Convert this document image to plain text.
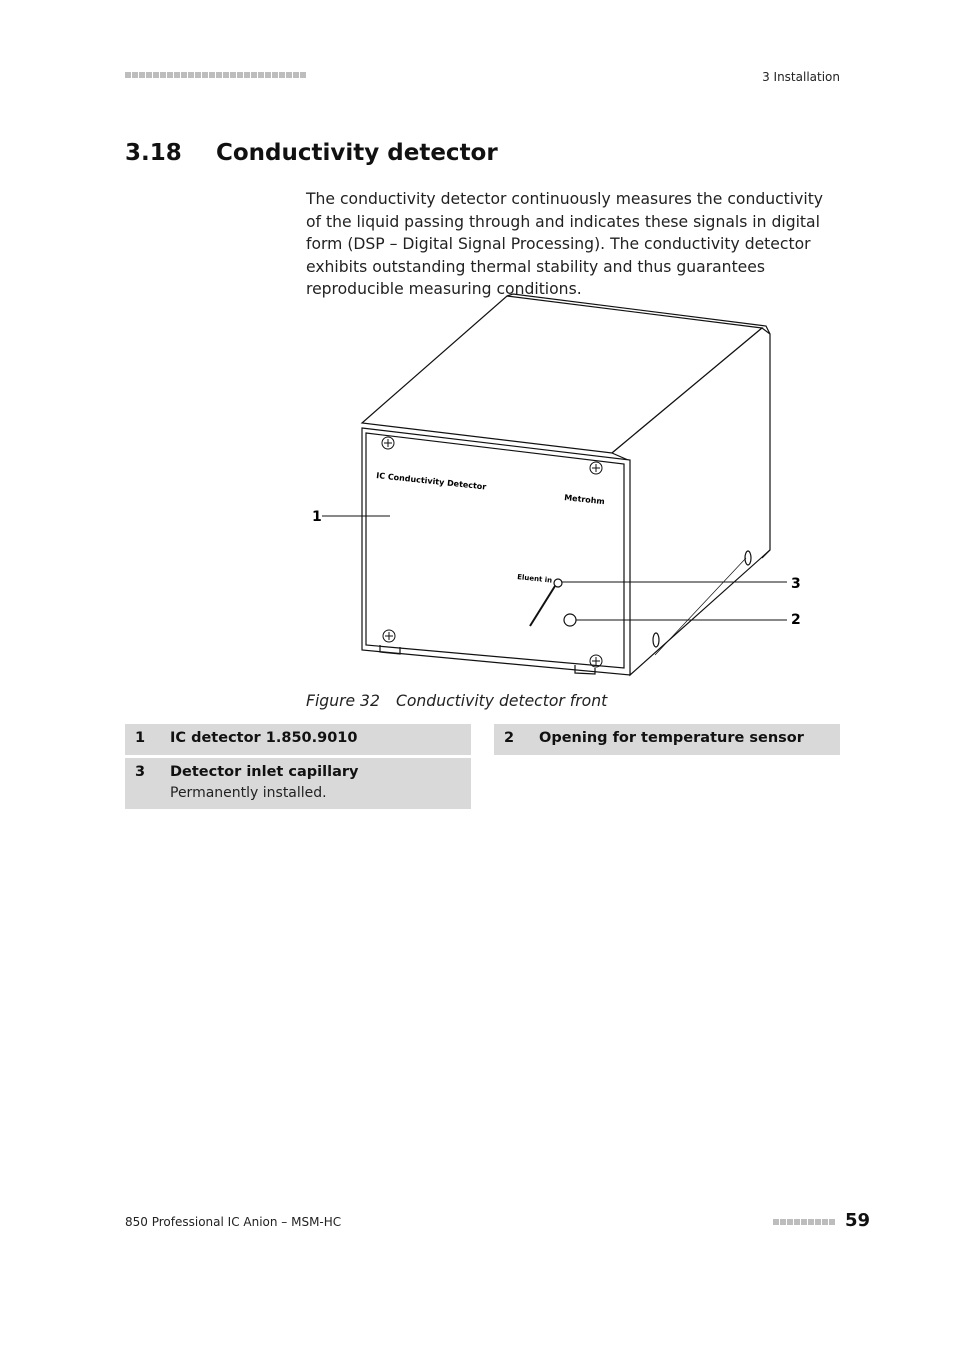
3 Installation
3.18	Conductivity detector
The conductivity detector continuously measures the conductivity of the liquid passing through and indicates these signals in digital form (DSP – Digital Signal Processing). The conductivity detector exhibits outstanding thermal stability and thus guarantees reproducible measuring conditions.
IC Conductivity Detector
Metrohm
Eluent in
1
3
2
Figure 32	Conductivity detector front
1 IC detector 1.850.9010	2 Opening for temperature sensor
3 Detector inlet capillary
Permanently installed.
850 Professional IC Anion – MSM-HC	59
